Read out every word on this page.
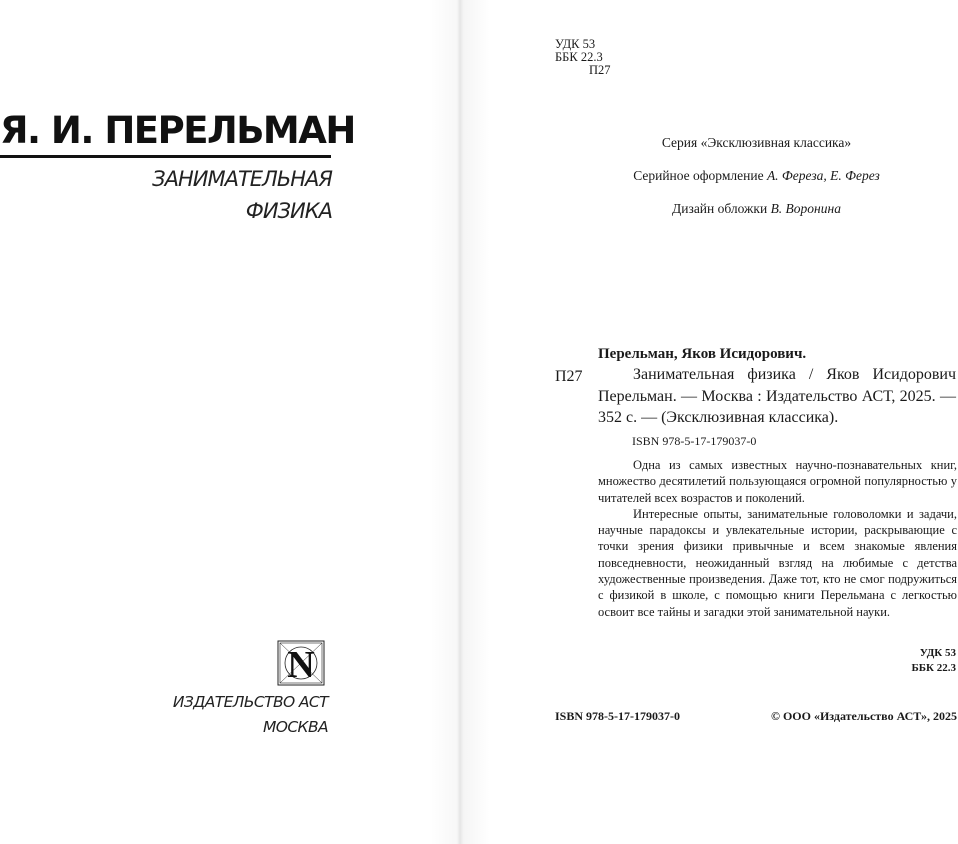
Я. И. ПЕРЕЛЬМАН
ЗАНИМАТЕЛЬНАЯ
ФИЗИКА
N
ИЗДАТЕЛЬСТВО АСТ
МОСКВА
УДК 53
ББК 22.3
П27
Серия «Эксклюзивная классика»
Серийное оформление А. Фереза, Е. Ферез
Дизайн обложки В. Воронина
Перельман, Яков Исидорович.
П27	Занимательная физика / Яков Исидорович Перельман. — Москва : Издательство АСТ, 2025. — 352 с. — (Эксклюзивная классика).

ISBN 978-5-17-179037-0

Одна из самых известных научно-познавательных книг, множество десятилетий пользующаяся огромной популярностью у читателей всех возрастов и поколений.

Интересные опыты, занимательные головоломки и задачи, научные парадоксы и увлекательные истории, раскрывающие с точки зрения физики привычные и всем знакомые явления повседневности, неожиданный взгляд на любимые с детства художественные произведения. Даже тот, кто не смог подружиться с физикой в школе, с помощью книги Перельмана с легкостью освоит все тайны и загадки этой занимательной науки.

УДК 53
ББК 22.3
ISBN 978-5-17-179037-0	© ООО «Издательство АСТ», 2025
